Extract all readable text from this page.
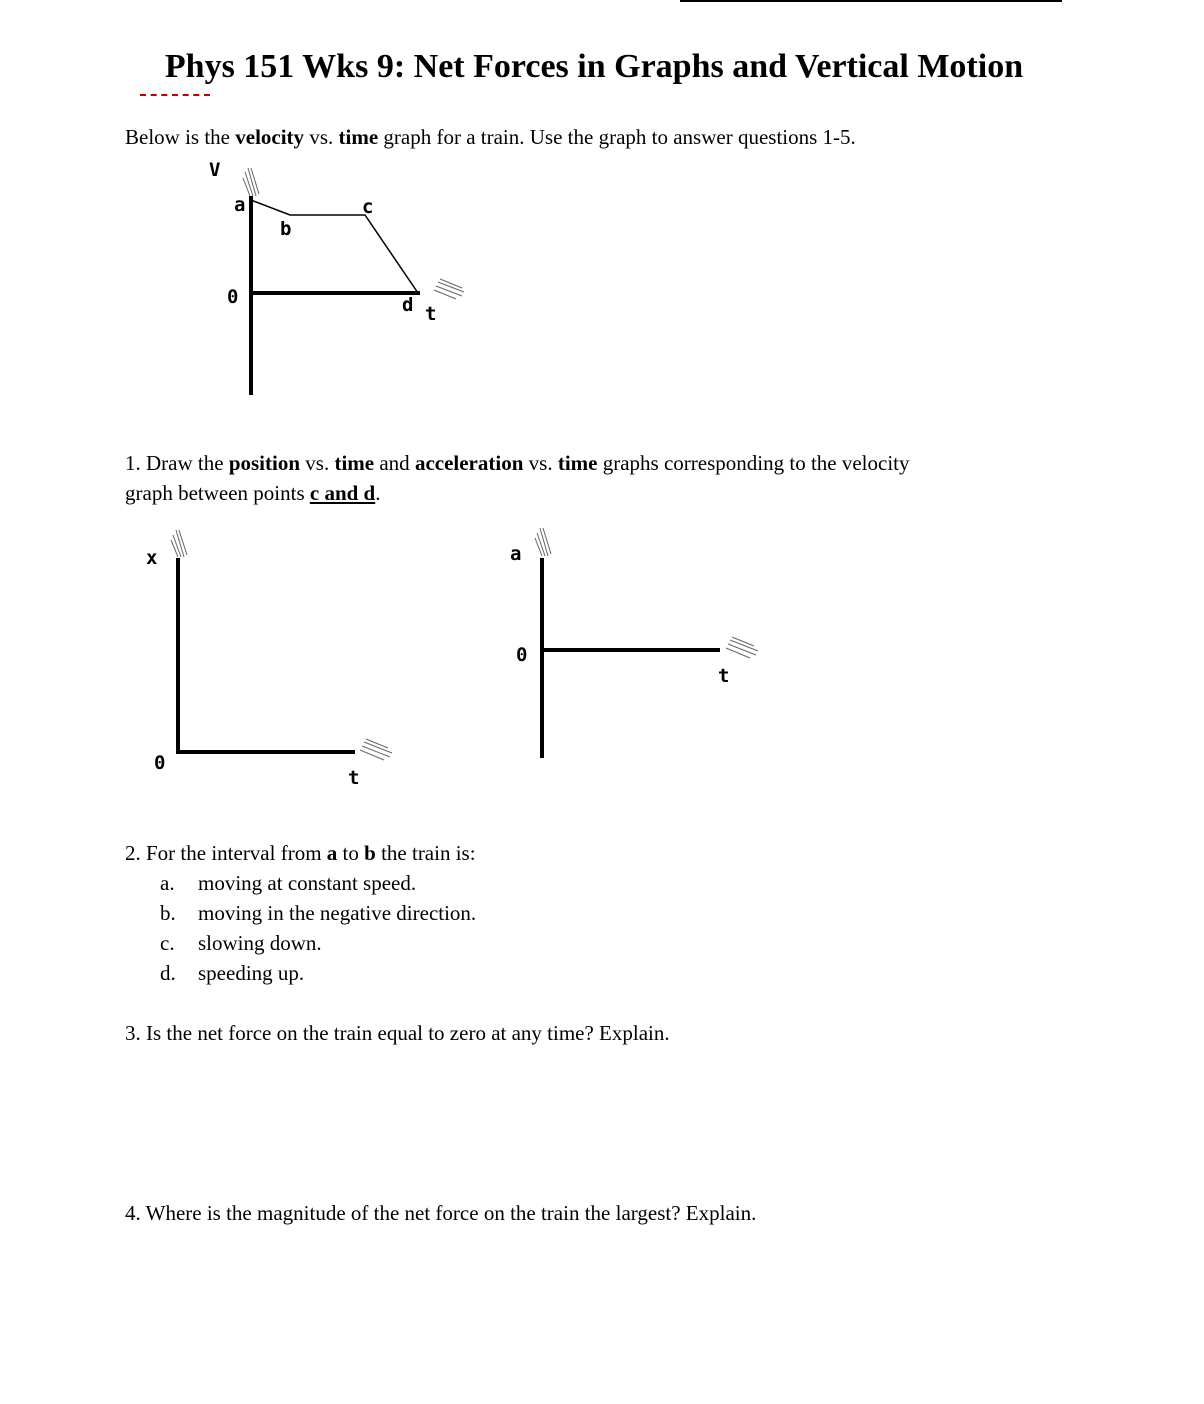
Phys 151 Wks 9: Net Forces in Graphs and Vertical Motion

Below is the velocity vs. time graph for a train. Use the graph to answer questions 1-5.

V
0
a
b
c
d t

1. Draw the position vs. time and acceleration vs. time graphs corresponding to the velocity
graph between points c and d.

x
0
t
a
0
t

2. For the interval from a to b the train is:

a. moving at constant speed.
b. moving in the negative direction.
c. slowing down.
d. speeding up.

3. Is the net force on the train equal to zero at any time? Explain.

4. Where is the magnitude of the net force on the train the largest? Explain.
